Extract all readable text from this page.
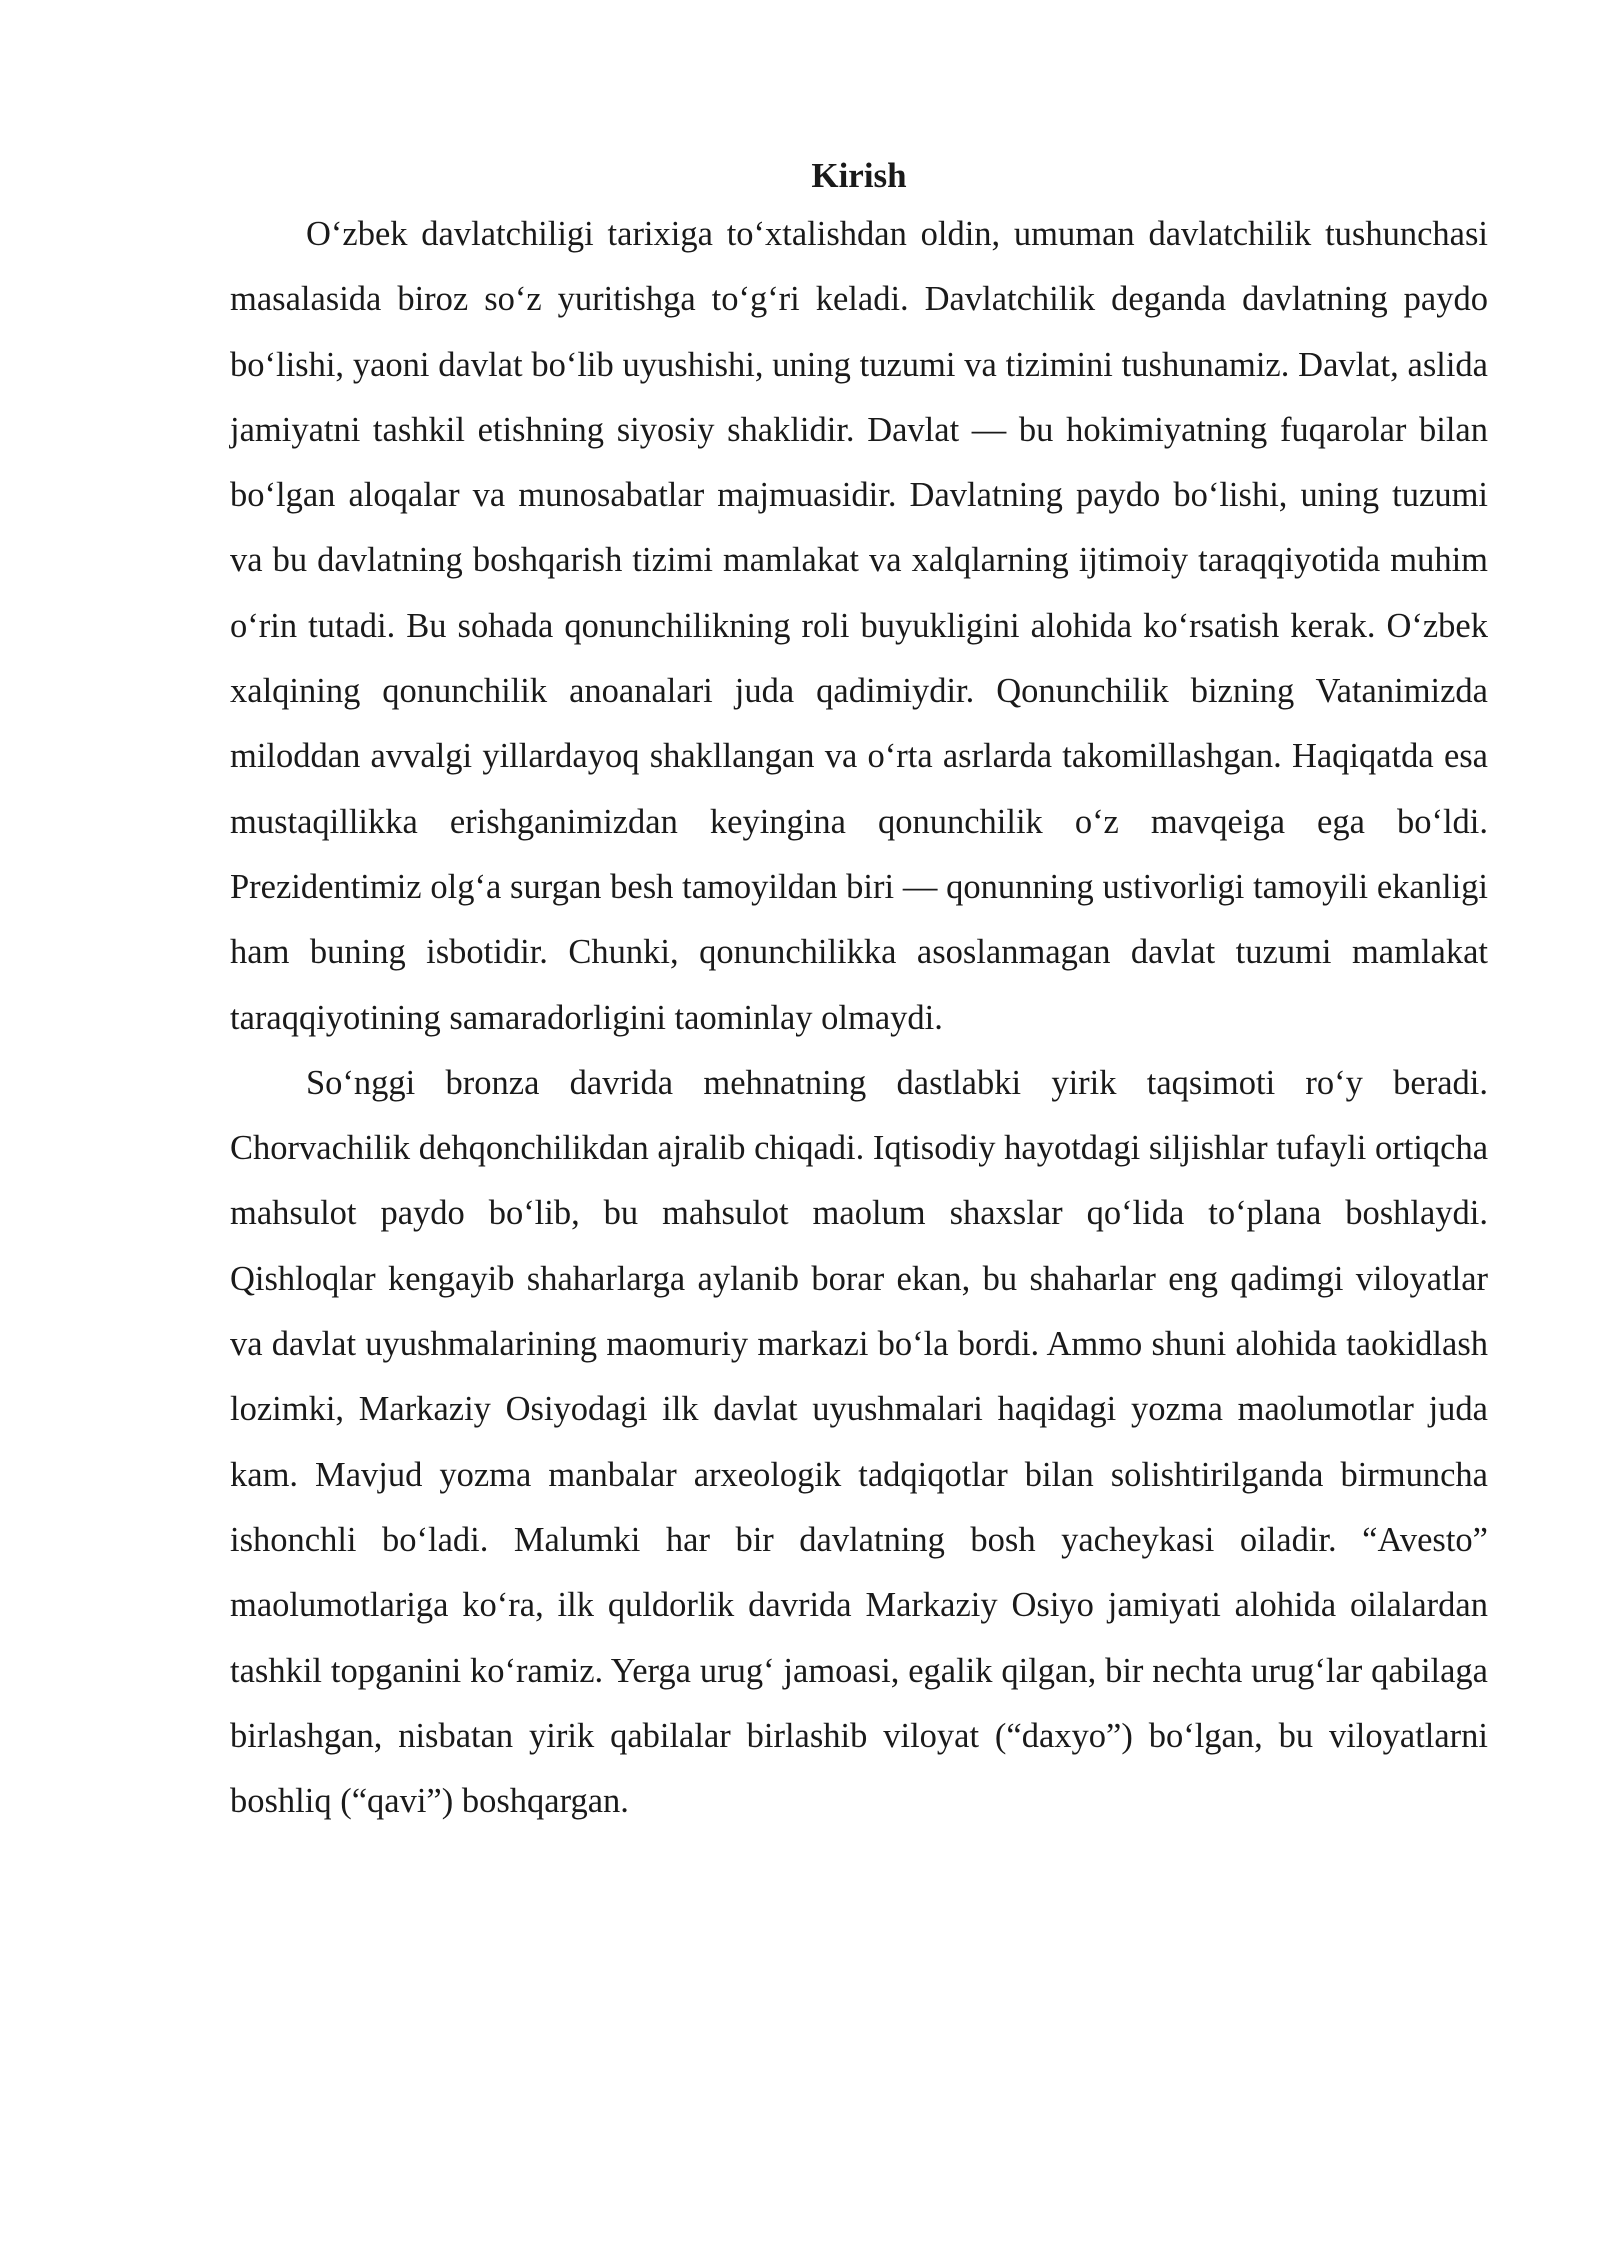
Kirish

O‘zbek davlatchiligi tarixiga to‘xtalishdan oldin, umuman davlatchilik tushunchasi masalasida biroz so‘z yuritishga to‘g‘ri keladi. Davlatchilik deganda davlatning paydo bo‘lishi, yaoni davlat bo‘lib uyushishi, uning tuzumi va tizimini tushunamiz. Davlat, aslida jamiyatni tashkil etishning siyosiy shaklidir. Davlat — bu hokimiyatning fuqarolar bilan bo‘lgan aloqalar va munosabatlar majmuasidir. Davlatning paydo bo‘lishi, uning tuzumi va bu davlatning boshqarish tizimi mamlakat va xalqlarning ijtimoiy taraqqiyotida muhim o‘rin tutadi. Bu sohada qonunchilikning roli buyukligini alohida ko‘rsatish kerak. O‘zbek xalqining qonunchilik anoanalari juda qadimiydir. Qonunchilik bizning Vatanimizda miloddan avvalgi yillardayoq shakllangan va o‘rta asrlarda takomillashgan. Haqiqatda esa mustaqillikka erishganimizdan keyingina qonunchilik o‘z mavqeiga ega bo‘ldi. Prezidentimiz olg‘a surgan besh tamoyildan biri — qonunning ustivorligi tamoyili ekanligi ham buning isbotidir. Chunki, qonunchilikka asoslanmagan davlat tuzumi mamlakat taraqqiyotining samaradorligini taominlay olmaydi.

So‘nggi bronza davrida mehnatning dastlabki yirik taqsimoti ro‘y beradi. Chorvachilik dehqonchilikdan ajralib chiqadi. Iqtisodiy hayotdagi siljishlar tufayli ortiqcha mahsulot paydo bo‘lib, bu mahsulot maolum shaxslar qo‘lida to‘plana boshlaydi. Qishloqlar kengayib shaharlarga aylanib borar ekan, bu shaharlar eng qadimgi viloyatlar va davlat uyushmalarining maomuriy markazi bo‘la bordi. Ammo shuni alohida taokidlash lozimki, Markaziy Osiyodagi ilk davlat uyushmalari haqidagi yozma maolumotlar juda kam. Mavjud yozma manbalar arxeologik tadqiqotlar bilan solishtirilganda birmuncha ishonchli bo‘ladi. Malumki har bir davlatning bosh yacheykasi oiladir. “Avesto” maolumotlariga ko‘ra, ilk quldorlik davrida Markaziy Osiyo jamiyati alohida oilalardan tashkil topganini ko‘ramiz. Yerga urug‘ jamoasi, egalik qilgan, bir nechta urug‘lar qabilaga birlashgan, nisbatan yirik qabilalar birlashib viloyat (“daxyo”) bo‘lgan, bu viloyatlarni boshliq (“qavi”) boshqargan.
